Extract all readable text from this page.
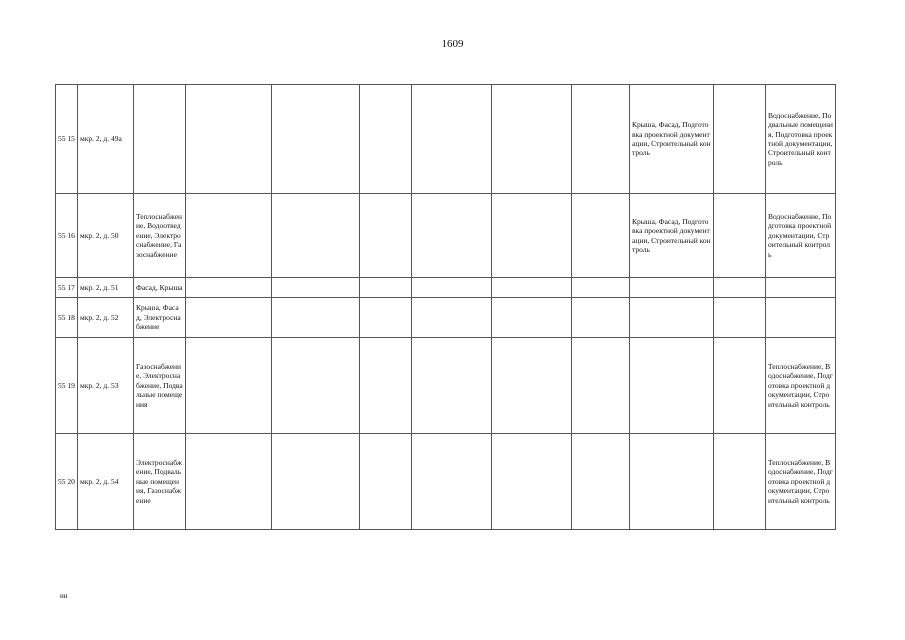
1609
55 15	мкр. 2, д. 49а								Крыша, Фасад, Подготовка проектной документации, Строительный контроль		Водоснабжение, Подвальные помещения, Подготовка проектной документации, Строительный контроль
55 16	мкр. 2, д. 50	Теплоснабжение, Водоотведение, Электроснабжение, Газоснабжение							Крыша, Фасад, Подготовка проектной документации, Строительный контроль		Водоснабжение, Подготовка проектной документации, Строительный контроль
55 17	мкр. 2, д. 51	Фасад, Крыша									
55 18	мкр. 2, д. 52	Крыша, Фасад, Электроснабжение									
55 19	мкр. 2, д. 53	Газоснабжение, Электроснабжение, Подвальные помещения									Теплоснабжение, Водоснабжение, Подготовка проектной документации, Строительный контроль
55 20	мкр. 2, д. 54	Электроснабжение, Подвальные помещения, Газоснабжение									Теплоснабжение, Водоснабжение, Подготовка проектной документации, Строительный контроль
ии
